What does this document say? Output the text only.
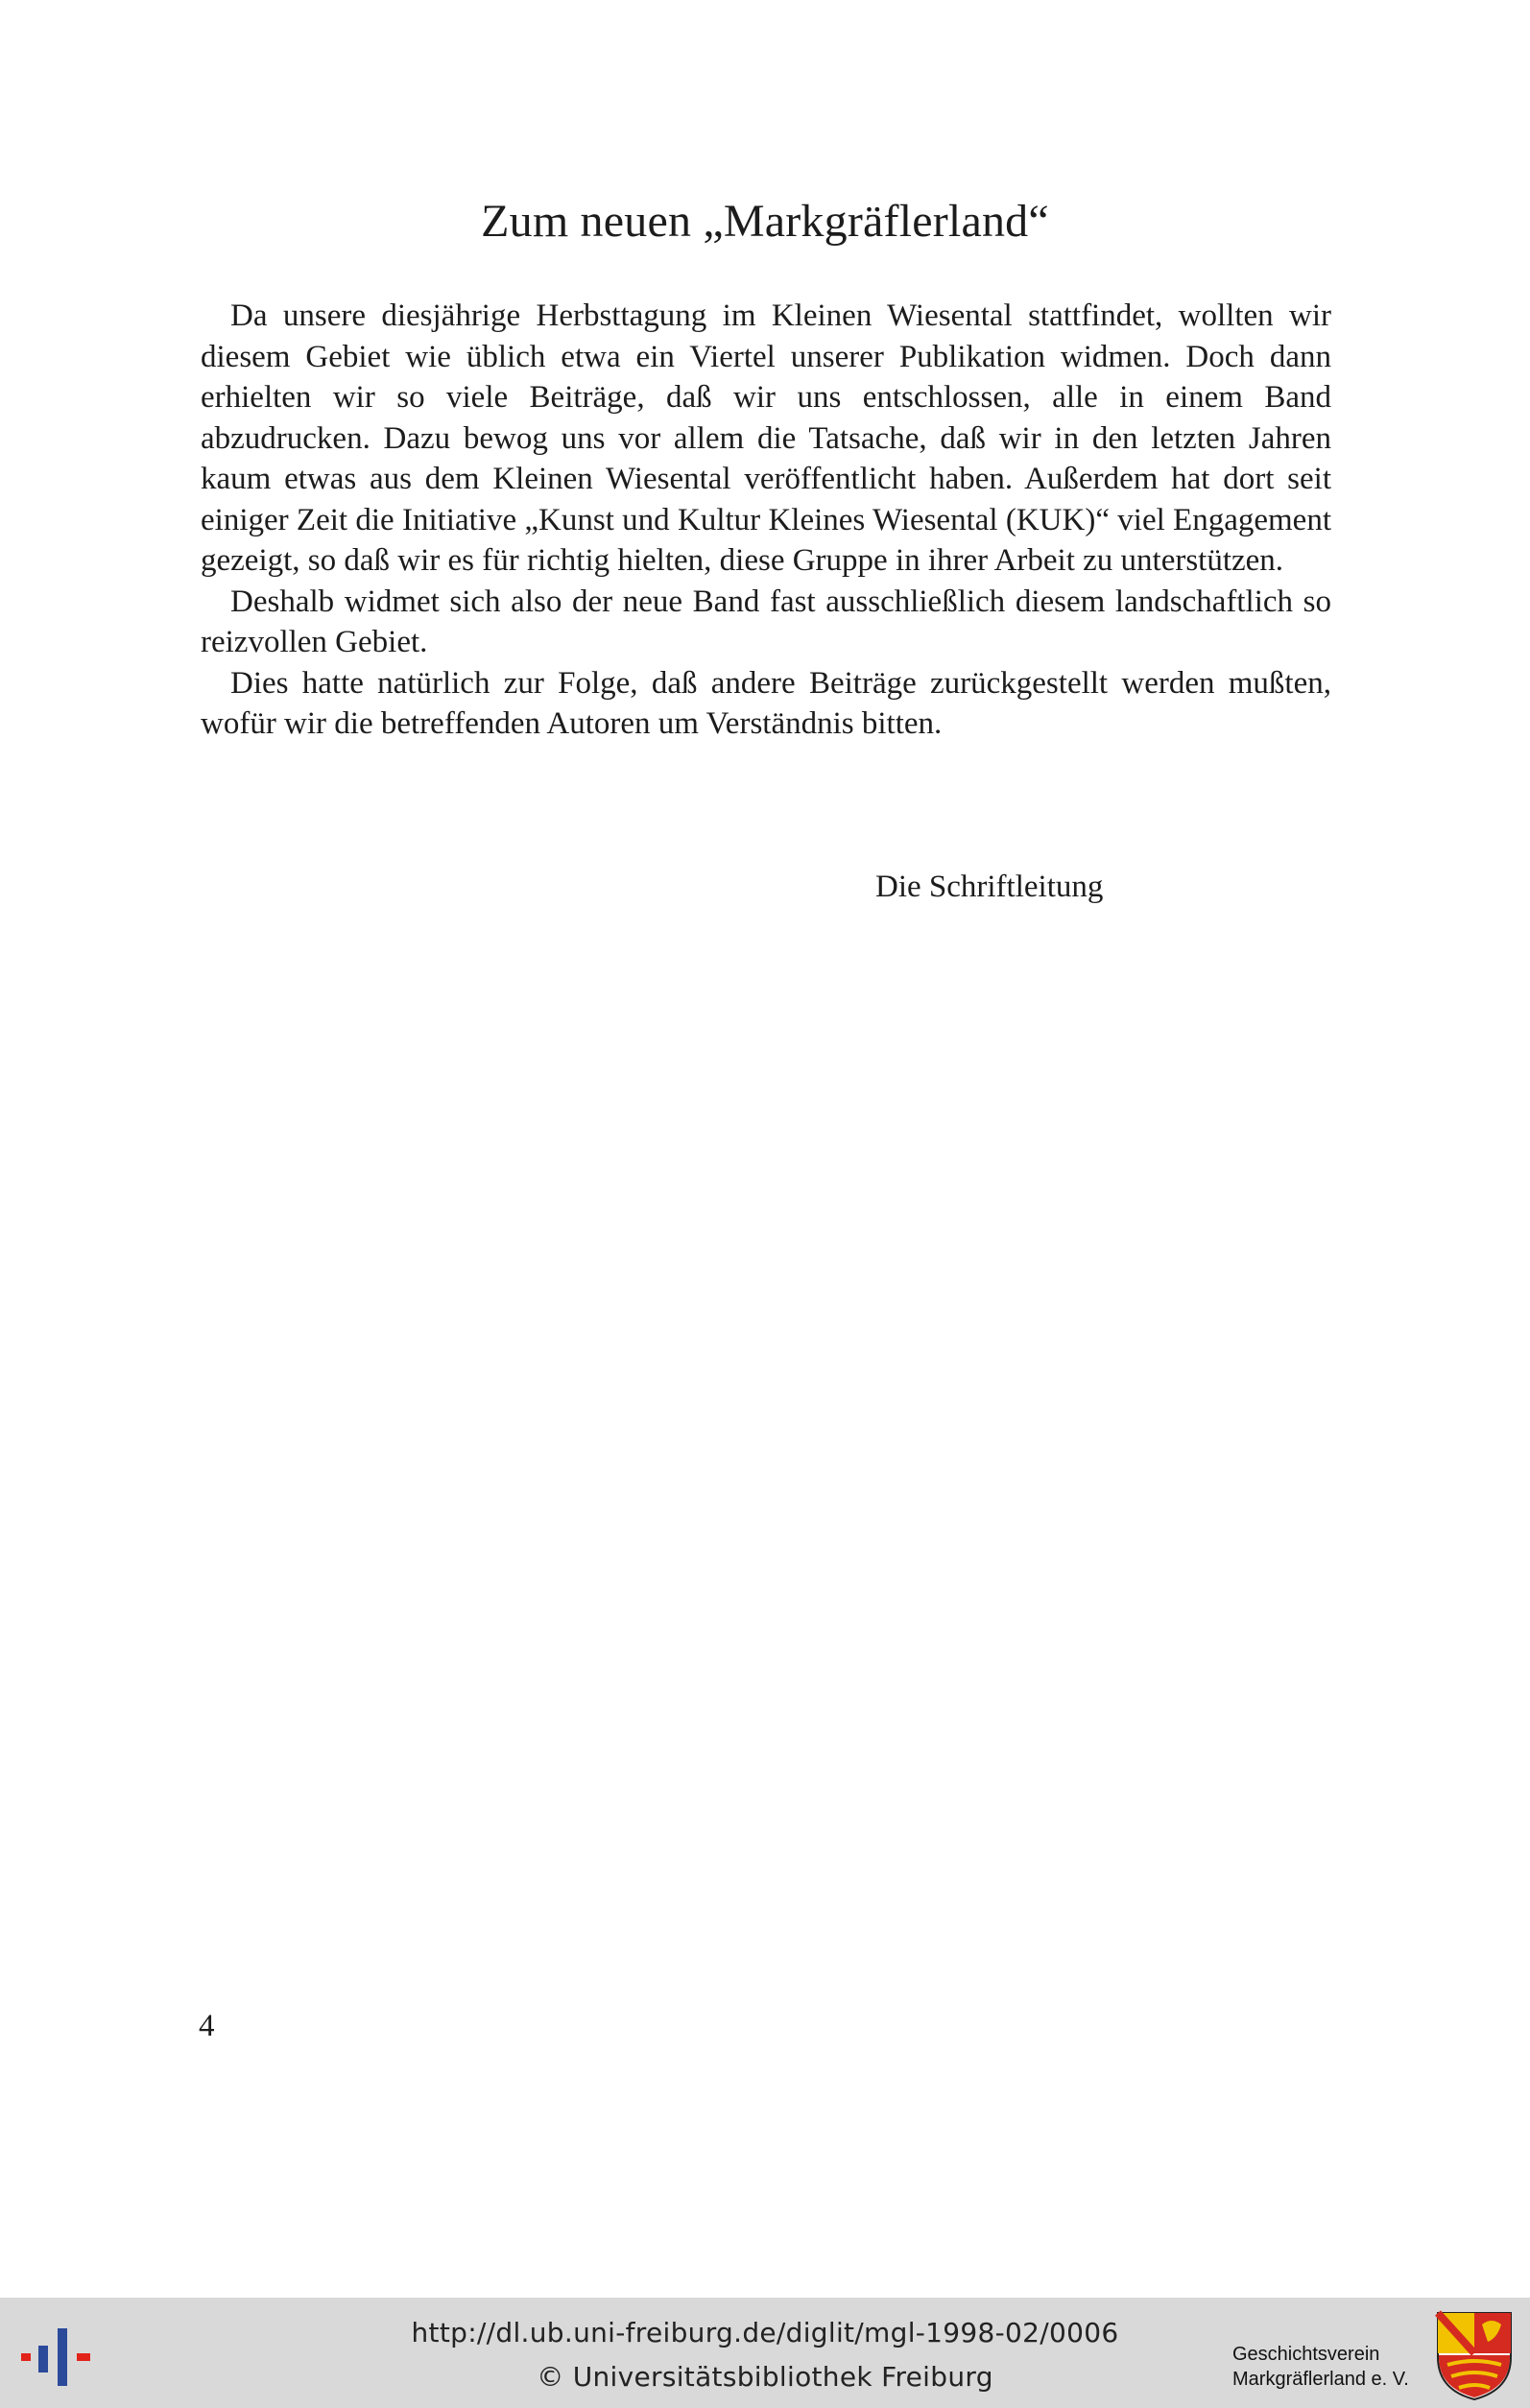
Zum neuen „Markgräflerland“

Da unsere diesjährige Herbsttagung im Kleinen Wiesental stattfindet, wollten wir diesem Gebiet wie üblich etwa ein Viertel unserer Publikation widmen. Doch dann erhielten wir so viele Beiträge, daß wir uns entschlossen, alle in einem Band abzudrucken. Dazu bewog uns vor allem die Tatsache, daß wir in den letzten Jahren kaum etwas aus dem Kleinen Wiesental veröffentlicht haben. Außerdem hat dort seit einiger Zeit die Initiative „Kunst und Kultur Kleines Wiesental (KUK)“ viel Engagement gezeigt, so daß wir es für richtig hielten, diese Gruppe in ihrer Arbeit zu unterstützen.

Deshalb widmet sich also der neue Band fast ausschließlich diesem landschaftlich so reizvollen Gebiet.

Dies hatte natürlich zur Folge, daß andere Beiträge zurückgestellt werden mußten, wofür wir die betreffenden Autoren um Verständnis bitten.

Die Schriftleitung
4
http://dl.ub.uni-freiburg.de/diglit/mgl-1998-02/0006
© Universitätsbibliothek Freiburg
Geschichtsverein
Markgräflerland e. V.
